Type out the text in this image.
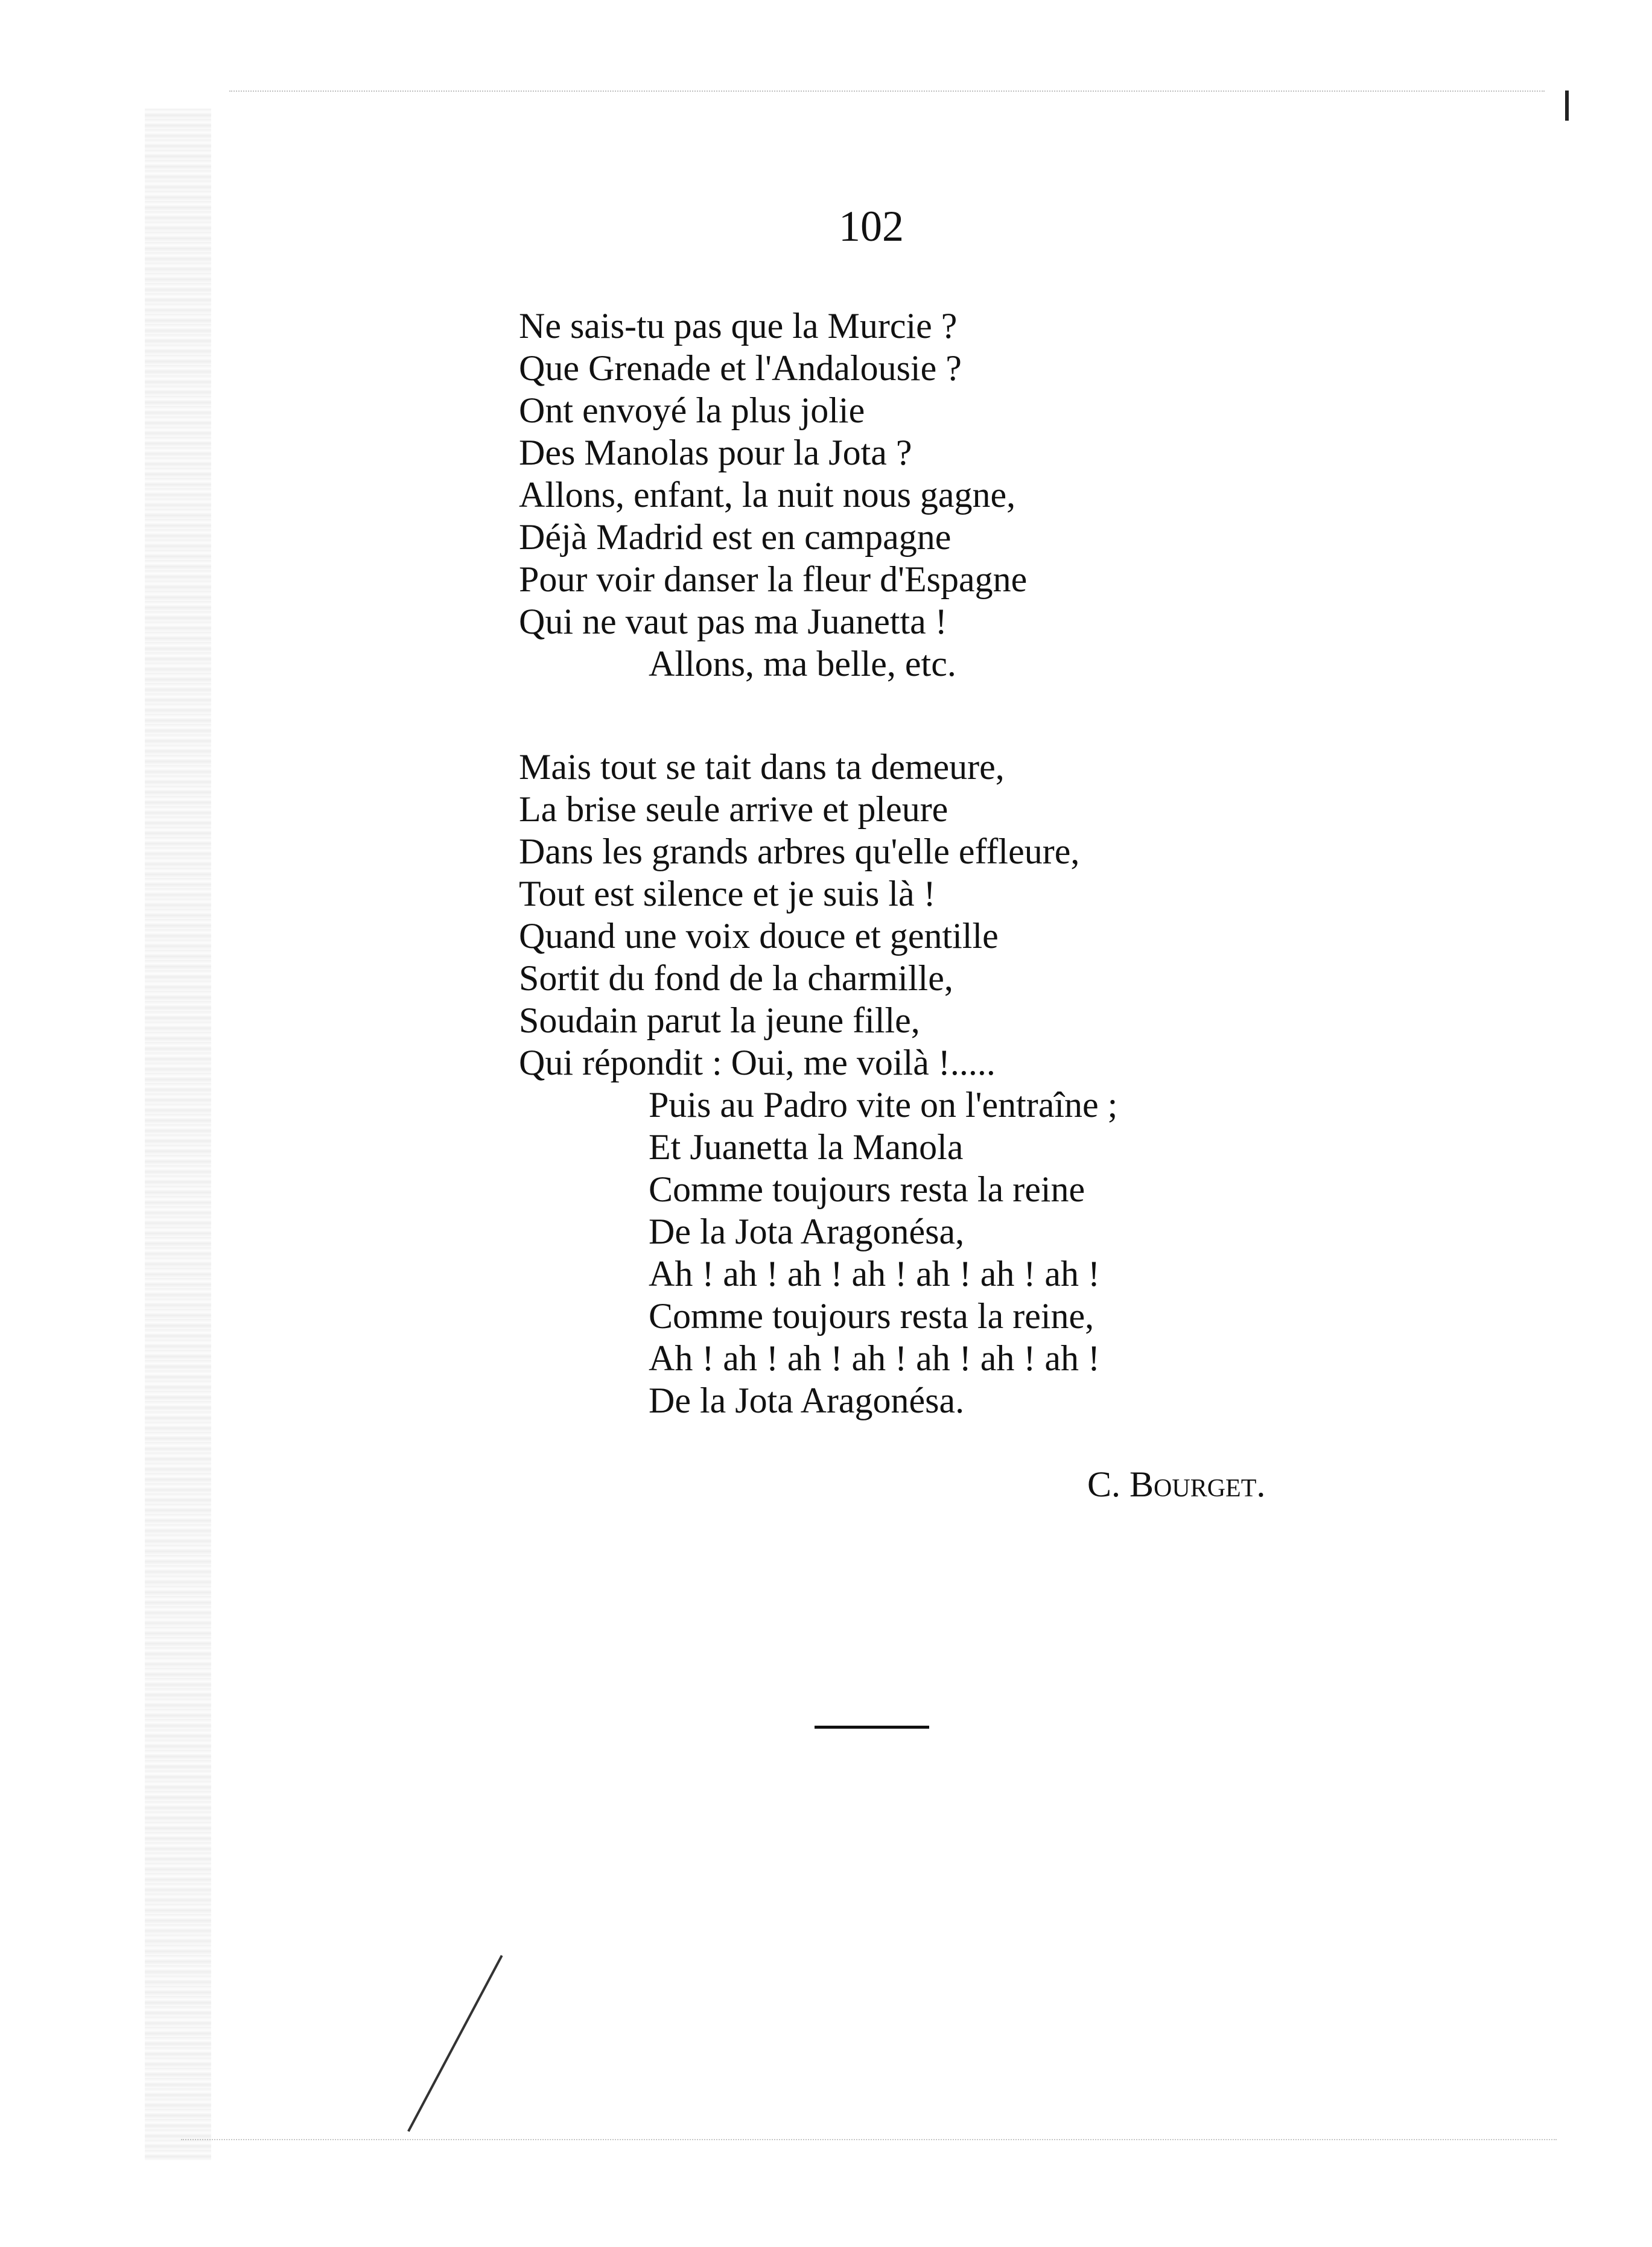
102
Ne sais-tu pas que la Murcie ?
Que Grenade et l'Andalousie ?
Ont envoyé la plus jolie
Des Manolas pour la Jota ?
Allons, enfant, la nuit nous gagne,
Déjà Madrid est en campagne
Pour voir danser la fleur d'Espagne
Qui ne vaut pas ma Juanetta !
Allons, ma belle, etc.
Mais tout se tait dans ta demeure,
La brise seule arrive et pleure
Dans les grands arbres qu'elle effleure,
Tout est silence et je suis là !
Quand une voix douce et gentille
Sortit du fond de la charmille,
Soudain parut la jeune fille,
Qui répondit : Oui, me voilà !.....
Puis au Padro vite on l'entraîne ;
Et Juanetta la Manola
Comme toujours resta la reine
De la Jota Aragonésa,
Ah ! ah ! ah ! ah ! ah ! ah ! ah !
Comme toujours resta la reine,
Ah ! ah ! ah ! ah ! ah ! ah ! ah !
De la Jota Aragonésa.
C. Bourget.
